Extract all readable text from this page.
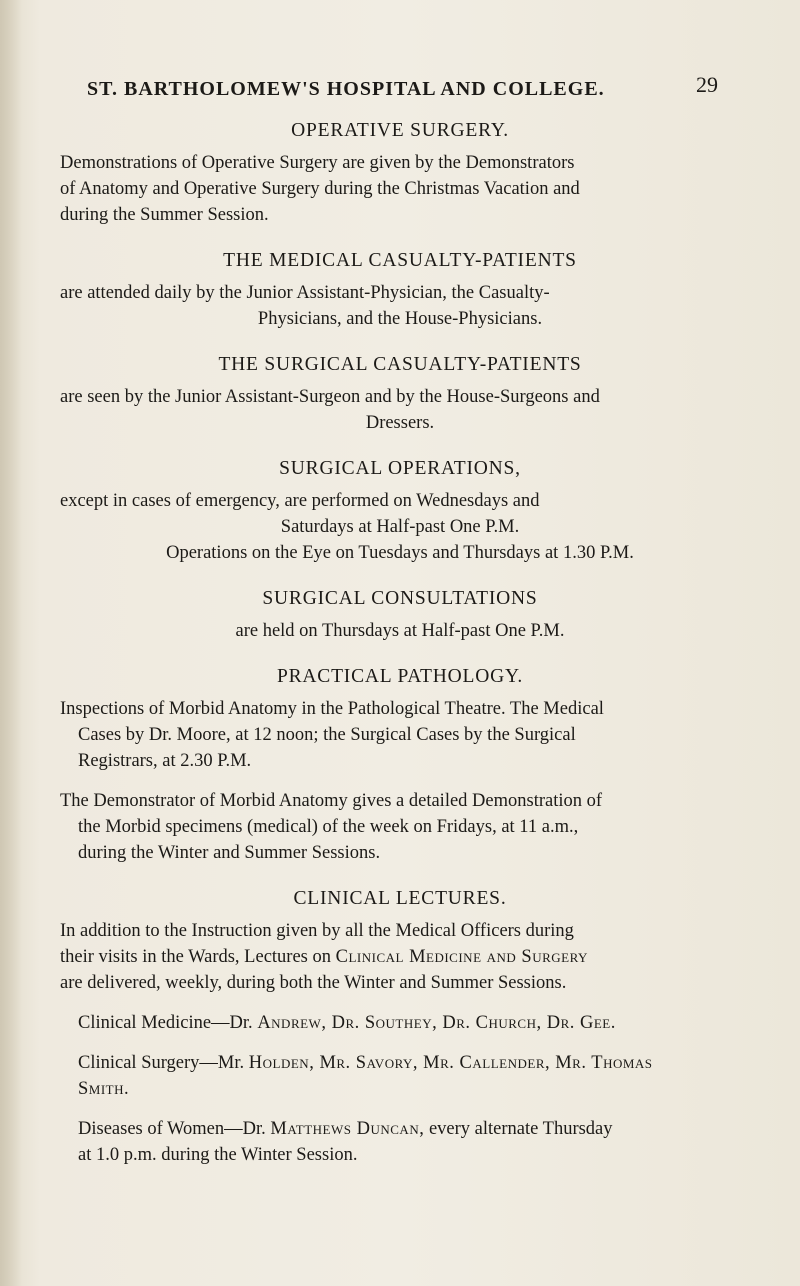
ST. BARTHOLOMEW'S HOSPITAL AND COLLEGE.	29
OPERATIVE SURGERY.
Demonstrations of Operative Surgery are given by the Demonstrators
of Anatomy and Operative Surgery during the Christmas Vacation and
during the Summer Session.
THE MEDICAL CASUALTY-PATIENTS
are attended daily by the Junior Assistant-Physician, the Casualty-
Physicians, and the House-Physicians.
THE SURGICAL CASUALTY-PATIENTS
are seen by the Junior Assistant-Surgeon and by the House-Surgeons and
Dressers.
SURGICAL OPERATIONS,
except in cases of emergency, are performed on Wednesdays and
Saturdays at Half-past One P.M.
Operations on the Eye on Tuesdays and Thursdays at 1.30 P.M.
SURGICAL CONSULTATIONS
are held on Thursdays at Half-past One P.M.
PRACTICAL PATHOLOGY.
Inspections of Morbid Anatomy in the Pathological Theatre. The Medical
Cases by Dr. Moore, at 12 noon; the Surgical Cases by the Surgical
Registrars, at 2.30 P.M.
The Demonstrator of Morbid Anatomy gives a detailed Demonstration of
the Morbid specimens (medical) of the week on Fridays, at 11 a.m.,
during the Winter and Summer Sessions.
CLINICAL LECTURES.
In addition to the Instruction given by all the Medical Officers during
their visits in the Wards, Lectures on Clinical Medicine and Surgery
are delivered, weekly, during both the Winter and Summer Sessions.
Clinical Medicine—Dr. Andrew, Dr. Southey, Dr. Church, Dr. Gee.
Clinical Surgery—Mr. Holden, Mr. Savory, Mr. Callender, Mr. Thomas
Smith.
Diseases of Women—Dr. Matthews Duncan, every alternate Thursday
at 1.0 p.m. during the Winter Session.
